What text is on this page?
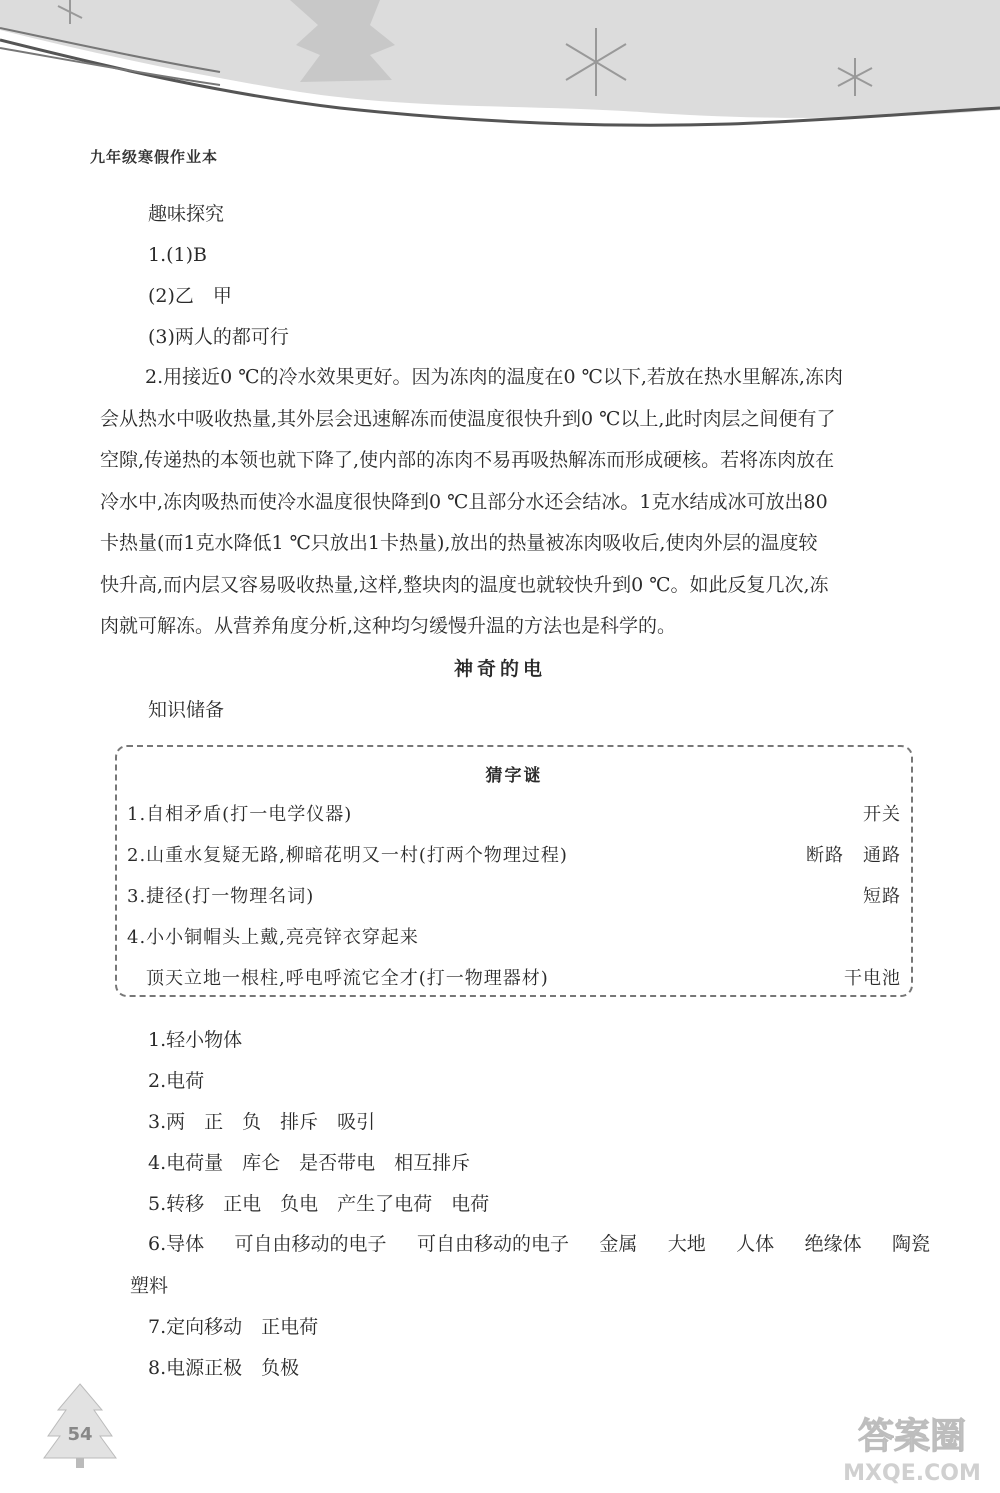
九年级寒假作业本
趣味探究
1.(1)B
(2)乙　甲
(3)两人的都可行
2.用接近0 ℃的冷水效果更好。因为冻肉的温度在0 ℃以下,若放在热水里解冻,冻肉
会从热水中吸收热量,其外层会迅速解冻而使温度很快升到0 ℃以上,此时肉层之间便有了
空隙,传递热的本领也就下降了,使内部的冻肉不易再吸热解冻而形成硬核。若将冻肉放在
冷水中,冻肉吸热而使冷水温度很快降到0 ℃且部分水还会结冰。1克水结成冰可放出80
卡热量(而1克水降低1 ℃只放出1卡热量),放出的热量被冻肉吸收后,使肉外层的温度较
快升高,而内层又容易吸收热量,这样,整块肉的温度也就较快升到0 ℃。如此反复几次,冻
肉就可解冻。从营养角度分析,这种均匀缓慢升温的方法也是科学的。
神奇的电
知识储备
猜字谜
1.自相矛盾(打一电学仪器)	开关
2.山重水复疑无路,柳暗花明又一村(打两个物理过程)	断路　通路
3.捷径(打一物理名词)	短路
4.小小铜帽头上戴,亮亮锌衣穿起来
　顶天立地一根柱,呼电呼流它全才(打一物理器材)	干电池
1.轻小物体
2.电荷
3.两　正　负　排斥　吸引
4.电荷量　库仑　是否带电　相互排斥
5.转移　正电　负电　产生了电荷　电荷
6.导体 可自由移动的电子 可自由移动的电子 金属 大地 人体 绝缘体 陶瓷
塑料
7.定向移动　正电荷
8.电源正极　负极
54	答案圈
MXQE.COM
